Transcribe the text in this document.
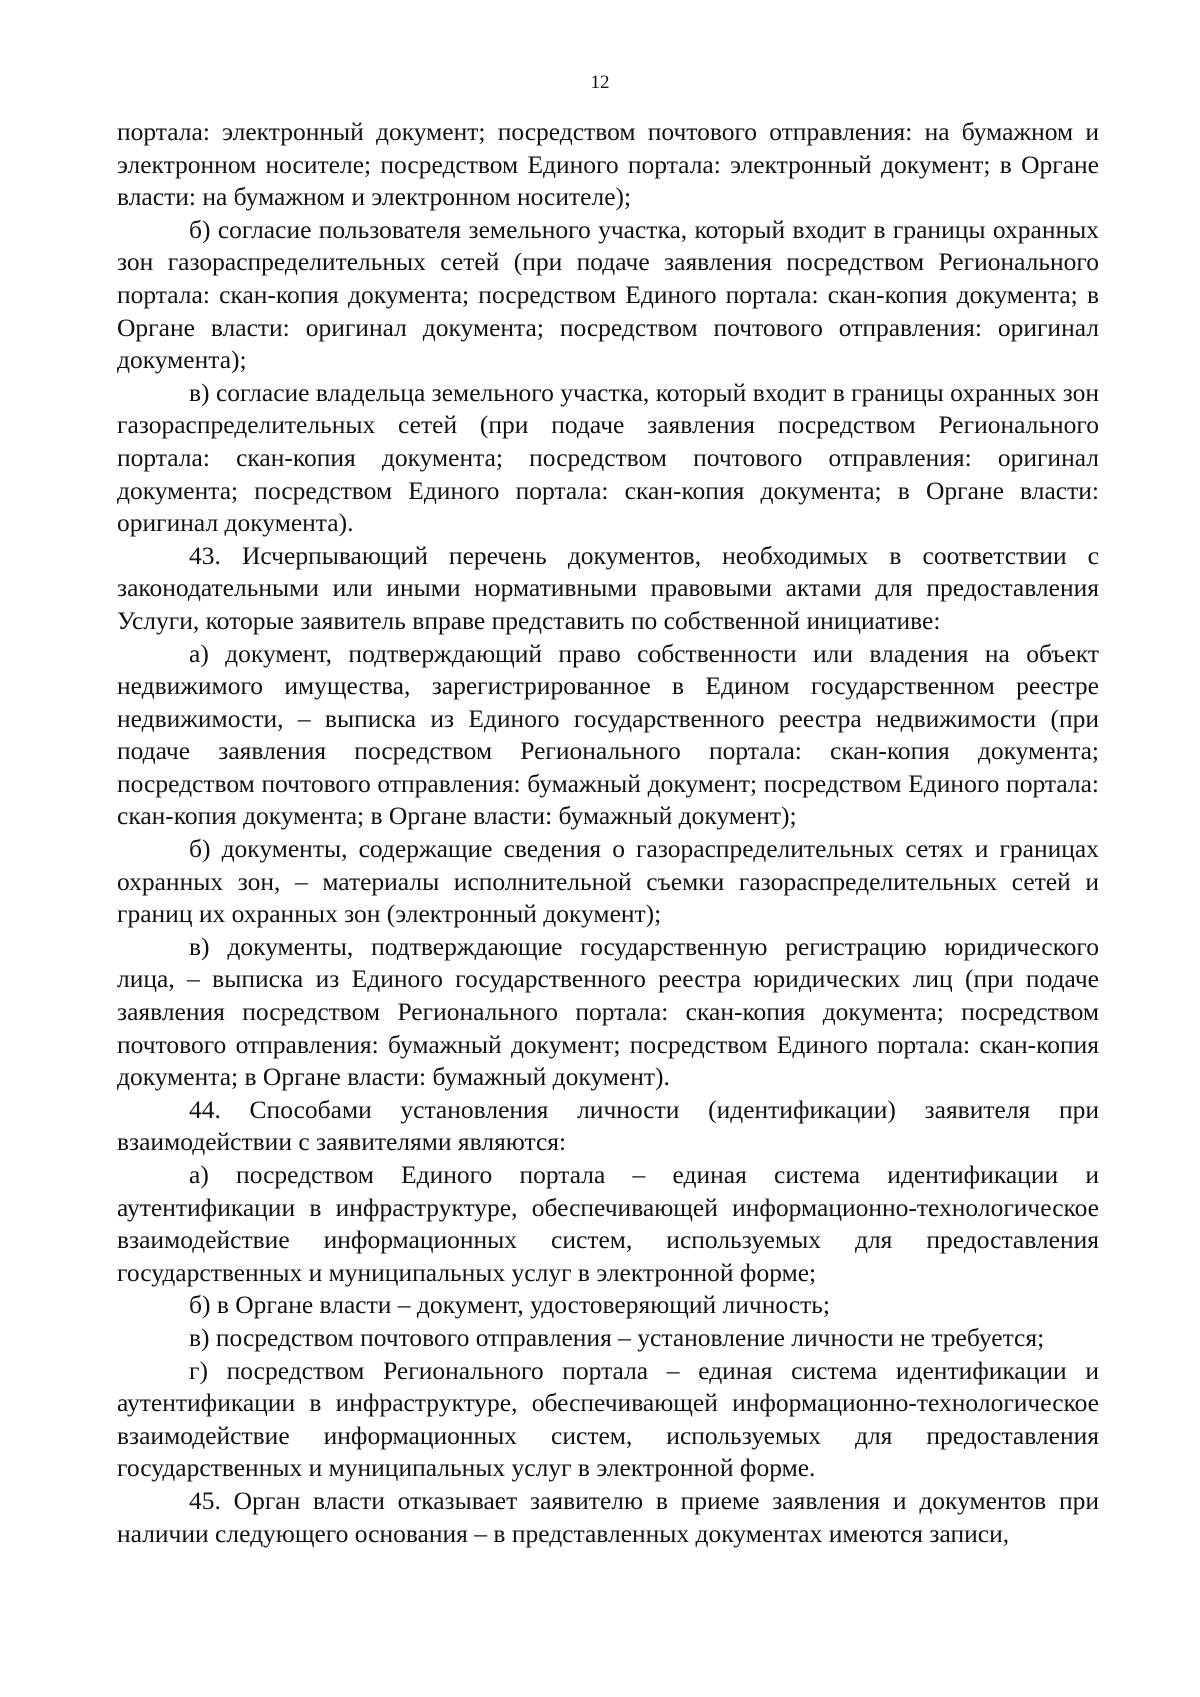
12

портала: электронный документ; посредством почтового отправления: на бумажном и электронном носителе; посредством Единого портала: электронный документ; в Органе власти: на бумажном и электронном носителе);

б) согласие пользователя земельного участка, который входит в границы охранных зон газораспределительных сетей (при подаче заявления посредством Регионального портала: скан-копия документа; посредством Единого портала: скан-копия документа; в Органе власти: оригинал документа; посредством почтового отправления: оригинал документа);

в) согласие владельца земельного участка, который входит в границы охранных зон газораспределительных сетей (при подаче заявления посредством Регионального портала: скан-копия документа; посредством почтового отправления: оригинал документа; посредством Единого портала: скан-копия документа; в Органе власти: оригинал документа).

43. Исчерпывающий перечень документов, необходимых в соответствии с законодательными или иными нормативными правовыми актами для предоставления Услуги, которые заявитель вправе представить по собственной инициативе:

а) документ, подтверждающий право собственности или владения на объект недвижимого имущества, зарегистрированное в Едином государственном реестре недвижимости, – выписка из Единого государственного реестра недвижимости (при подаче заявления посредством Регионального портала: скан-копия документа; посредством почтового отправления: бумажный документ; посредством Единого портала: скан-копия документа; в Органе власти: бумажный документ);

б) документы, содержащие сведения о газораспределительных сетях и границах охранных зон, – материалы исполнительной съемки газораспределительных сетей и границ их охранных зон (электронный документ);

в) документы, подтверждающие государственную регистрацию юридического лица, – выписка из Единого государственного реестра юридических лиц (при подаче заявления посредством Регионального портала: скан-копия документа; посредством почтового отправления: бумажный документ; посредством Единого портала: скан-копия документа; в Органе власти: бумажный документ).

44. Способами установления личности (идентификации) заявителя при взаимодействии с заявителями являются:

а) посредством Единого портала – единая система идентификации и аутентификации в инфраструктуре, обеспечивающей информационно-технологическое взаимодействие информационных систем, используемых для предоставления государственных и муниципальных услуг в электронной форме;

б) в Органе власти – документ, удостоверяющий личность;

в) посредством почтового отправления – установление личности не требуется;

г) посредством Регионального портала – единая система идентификации и аутентификации в инфраструктуре, обеспечивающей информационно-технологическое взаимодействие информационных систем, используемых для предоставления государственных и муниципальных услуг в электронной форме.

45. Орган власти отказывает заявителю в приеме заявления и документов при наличии следующего основания – в представленных документах имеются записи,
